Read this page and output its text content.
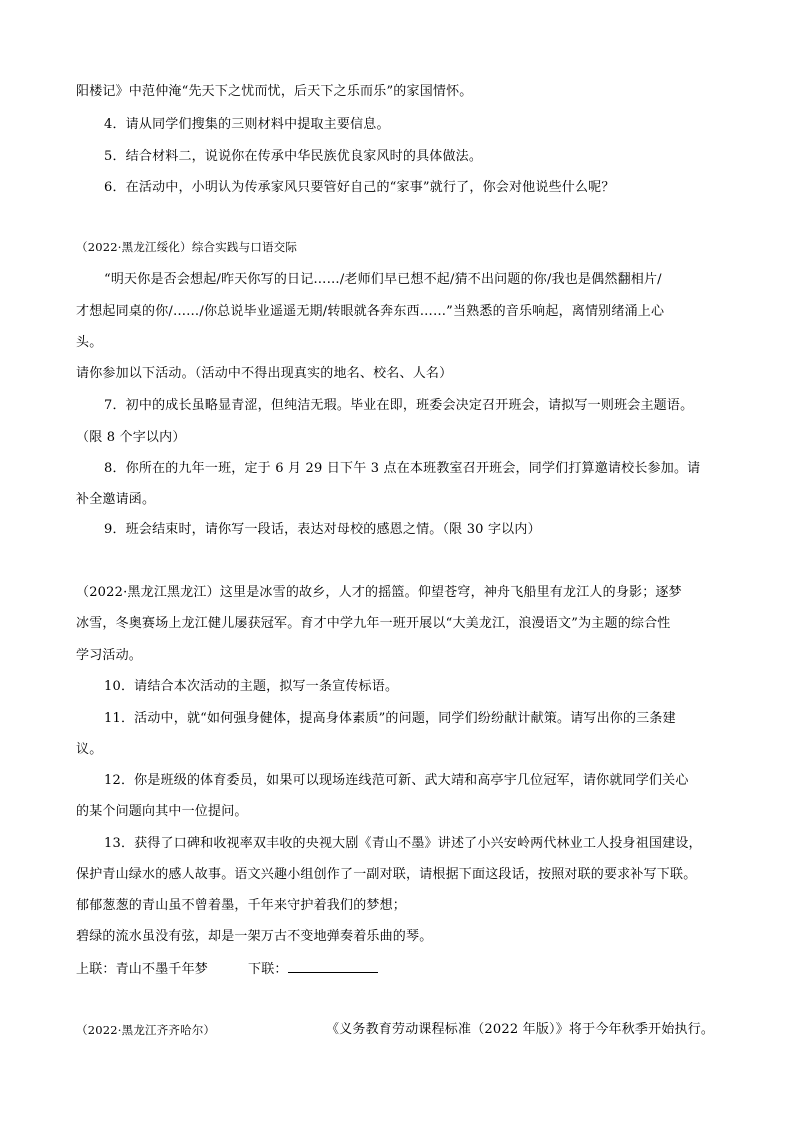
阳楼记》中范仲淹“先天下之忧而忧，后天下之乐而乐”的家国情怀。
4．请从同学们搜集的三则材料中提取主要信息。
5．结合材料二，说说你在传承中华民族优良家风时的具体做法。
6．在活动中，小明认为传承家风只要管好自己的“家事”就行了，你会对他说些什么呢？
（2022·黑龙江绥化）综合实践与口语交际
“明天你是否会想起/昨天你写的日记……/老师们早已想不起/猜不出问题的你/我也是偶然翻相片/
才想起同桌的你/……/你总说毕业遥遥无期/转眼就各奔东西……”当熟悉的音乐响起，离情别绪涌上心
头。
请你参加以下活动。（活动中不得出现真实的地名、校名、人名）
7．初中的成长虽略显青涩，但纯洁无瑕。毕业在即，班委会决定召开班会，请拟写一则班会主题语。
（限 8 个字以内）
8．你所在的九年一班，定于 6 月 29 日下午 3 点在本班教室召开班会，同学们打算邀请校长参加。请
补全邀请函。
9．班会结束时，请你写一段话，表达对母校的感恩之情。（限 30 字以内）
（2022·黑龙江黑龙江）这里是冰雪的故乡，人才的摇篮。仰望苍穹，神舟飞船里有龙江人的身影；逐梦
冰雪，冬奥赛场上龙江健儿屡获冠军。育才中学九年一班开展以“大美龙江，浪漫语文”为主题的综合性
学习活动。
10．请结合本次活动的主题，拟写一条宣传标语。
11．活动中，就“如何强身健体，提高身体素质”的问题，同学们纷纷献计献策。请写出你的三条建
议。
12．你是班级的体育委员，如果可以现场连线范可新、武大靖和高亭宇几位冠军，请你就同学们关心
的某个问题向其中一位提问。
13．获得了口碑和收视率双丰收的央视大剧《青山不墨》讲述了小兴安岭两代林业工人投身祖国建设，
保护青山绿水的感人故事。语文兴趣小组创作了一副对联，请根据下面这段话，按照对联的要求补写下联。
郁郁葱葱的青山虽不曾着墨，千年来守护着我们的梦想；
碧绿的流水虽没有弦，却是一架万古不变地弹奏着乐曲的琴。
上联：青山不墨千年梦	下联：
（2022·黑龙江齐齐哈尔）	《义务教育劳动课程标准（2022 年版）》将于今年秋季开始执行。
